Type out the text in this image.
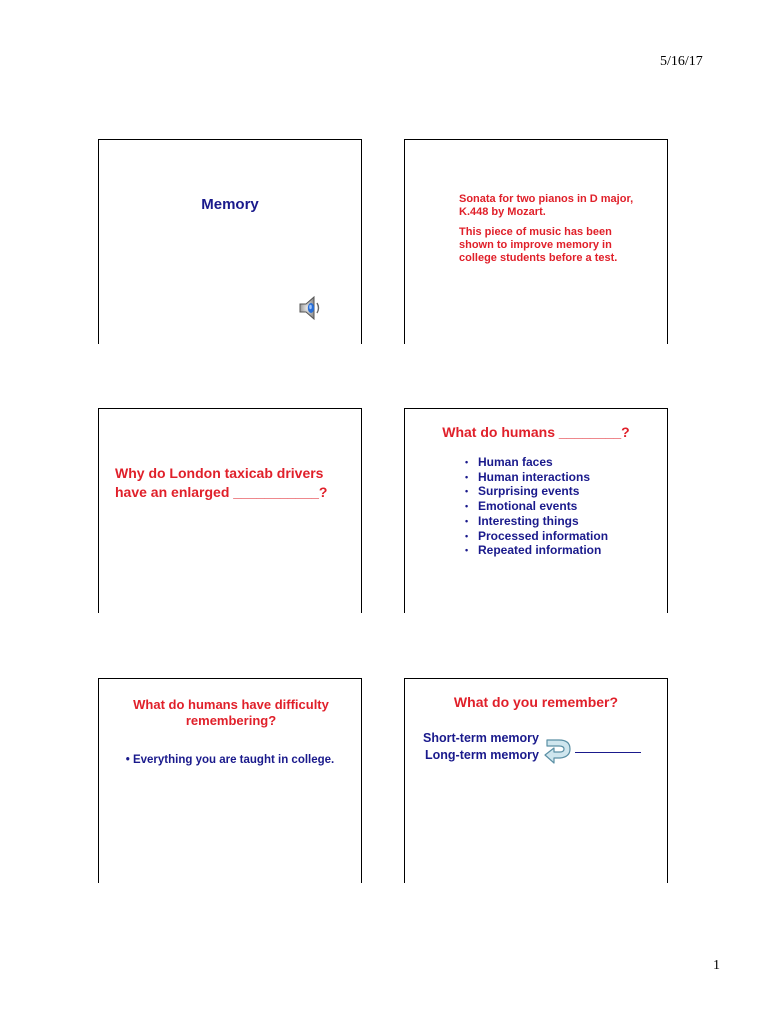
5/16/17
Memory	Sonata for two pianos in D major, K.448 by Mozart.

This piece of music has been shown to improve memory in college students before a test.

Why do London taxicab drivers have an enlarged ___________?
What do humans ________?
• Human faces
• Human interactions
• Surprising events
• Emotional events
• Interesting things
• Processed information
• Repeated information
What do humans have difficulty remembering?
• Everything you are taught in college.
What do you remember?
Short-term memory
Long-term memory
1
